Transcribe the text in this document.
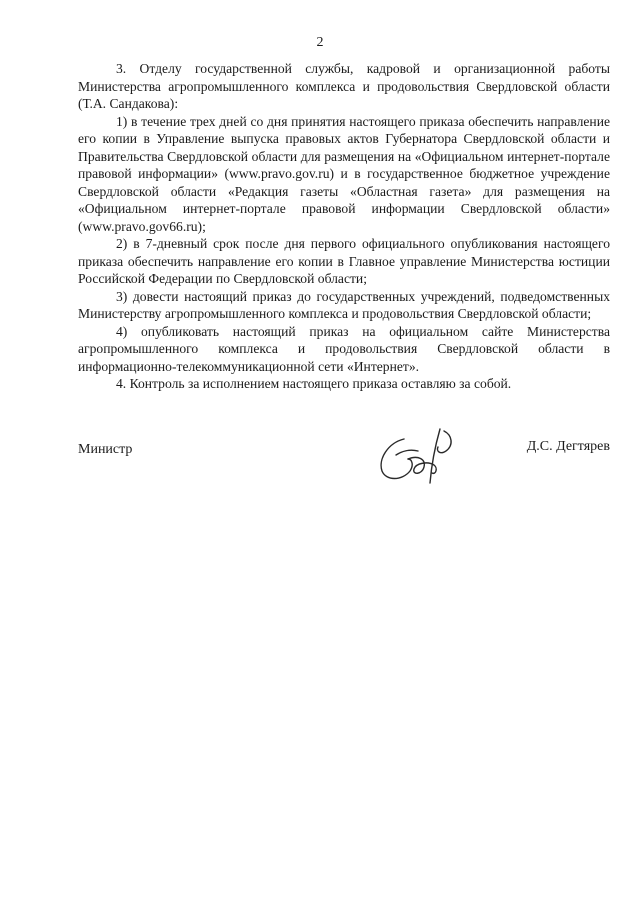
2

3. Отделу государственной службы, кадровой и организационной работы Министерства агропромышленного комплекса и продовольствия Свердловской области (Т.А. Сандакова):

1) в течение трех дней со дня принятия настоящего приказа обеспечить направление его копии в Управление выпуска правовых актов Губернатора Свердловской области и Правительства Свердловской области для размещения на «Официальном интернет-портале правовой информации» (www.pravo.gov.ru) и в государственное бюджетное учреждение Свердловской области «Редакция газеты «Областная газета» для размещения на «Официальном интернет-портале правовой информации Свердловской области» (www.pravo.gov66.ru);

2) в 7-дневный срок после дня первого официального опубликования настоящего приказа обеспечить направление его копии в Главное управление Министерства юстиции Российской Федерации по Свердловской области;

3) довести настоящий приказ до государственных учреждений, подведомственных Министерству агропромышленного комплекса и продовольствия Свердловской области;

4) опубликовать настоящий приказ на официальном сайте Министерства агропромышленного комплекса и продовольствия Свердловской области в информационно-телекоммуникационной сети «Интернет».

4. Контроль за исполнением настоящего приказа оставляю за собой.

Министр	Д.С. Дегтярев
